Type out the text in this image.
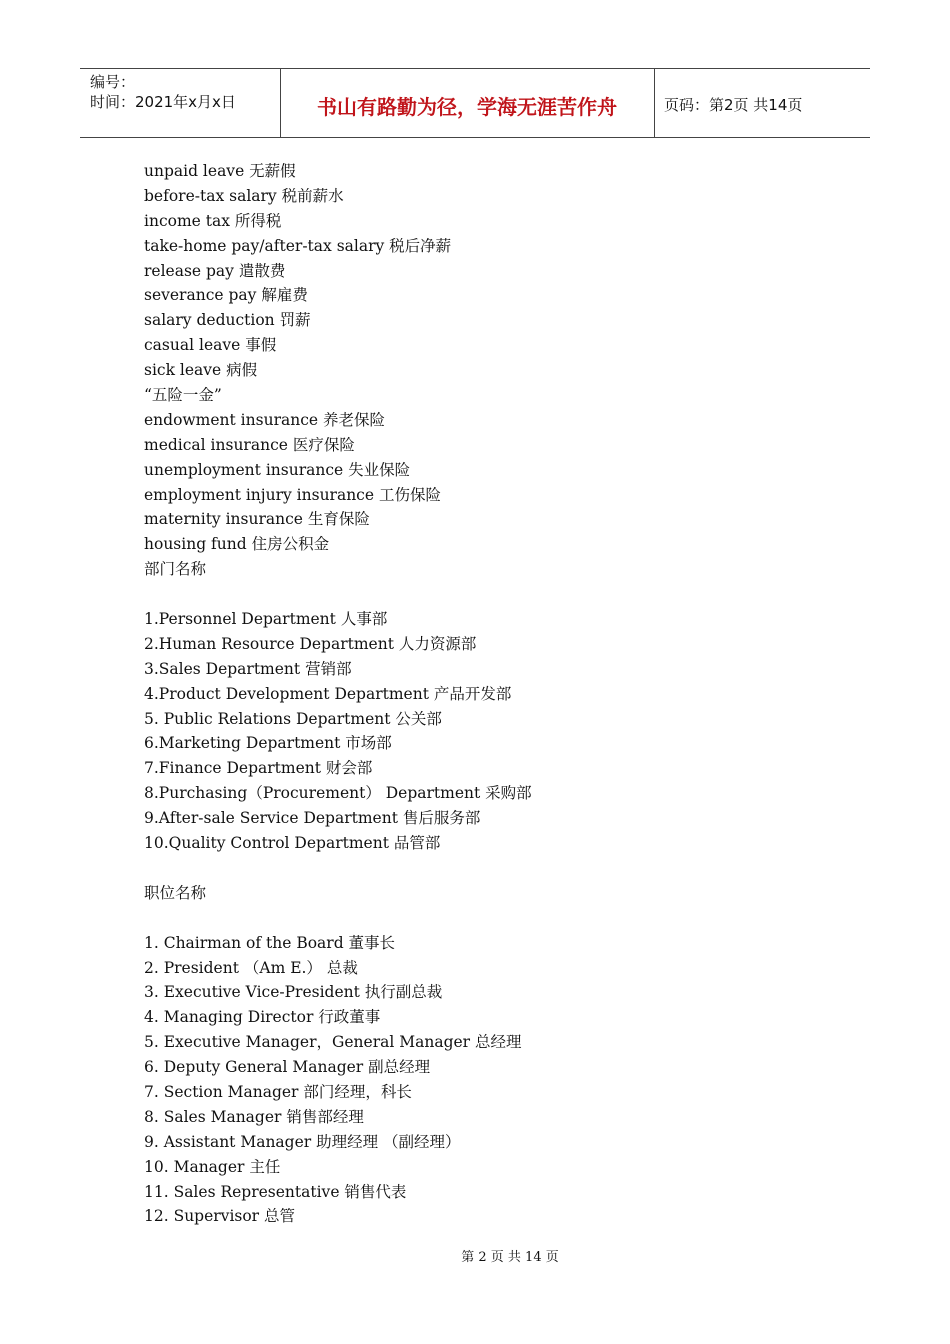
编号：
时间：2021年x月x日	书山有路勤为径，学海无涯苦作舟	页码：第2页 共14页
unpaid leave 无薪假
before-tax salary 税前薪水
income tax 所得税
take-home pay/after-tax salary 税后净薪
release pay 遣散费
severance pay 解雇费
salary deduction 罚薪
casual leave 事假
sick leave 病假
“五险一金”
endowment insurance 养老保险
medical insurance 医疗保险
unemployment insurance 失业保险
employment injury insurance 工伤保险
maternity insurance 生育保险
housing fund 住房公积金
部门名称
1.Personnel Department 人事部
2.Human Resource Department 人力资源部
3.Sales Department 营销部
4.Product Development Department 产品开发部
5. Public Relations Department 公关部
6.Marketing Department 市场部
7.Finance Department 财会部
8.Purchasing（Procurement） Department 采购部
9.After-sale Service Department 售后服务部
10.Quality Control Department 品管部
职位名称
1. Chairman of the Board 董事长
2. President （Am E.） 总裁
3. Executive Vice-President 执行副总裁
4. Managing Director 行政董事
5. Executive Manager，General Manager 总经理
6. Deputy General Manager 副总经理
7. Section Manager 部门经理，科长
8. Sales Manager 销售部经理
9. Assistant Manager 助理经理 （副经理）
10. Manager 主任
11. Sales Representative 销售代表
12. Supervisor 总管
第 2 页 共 14 页
